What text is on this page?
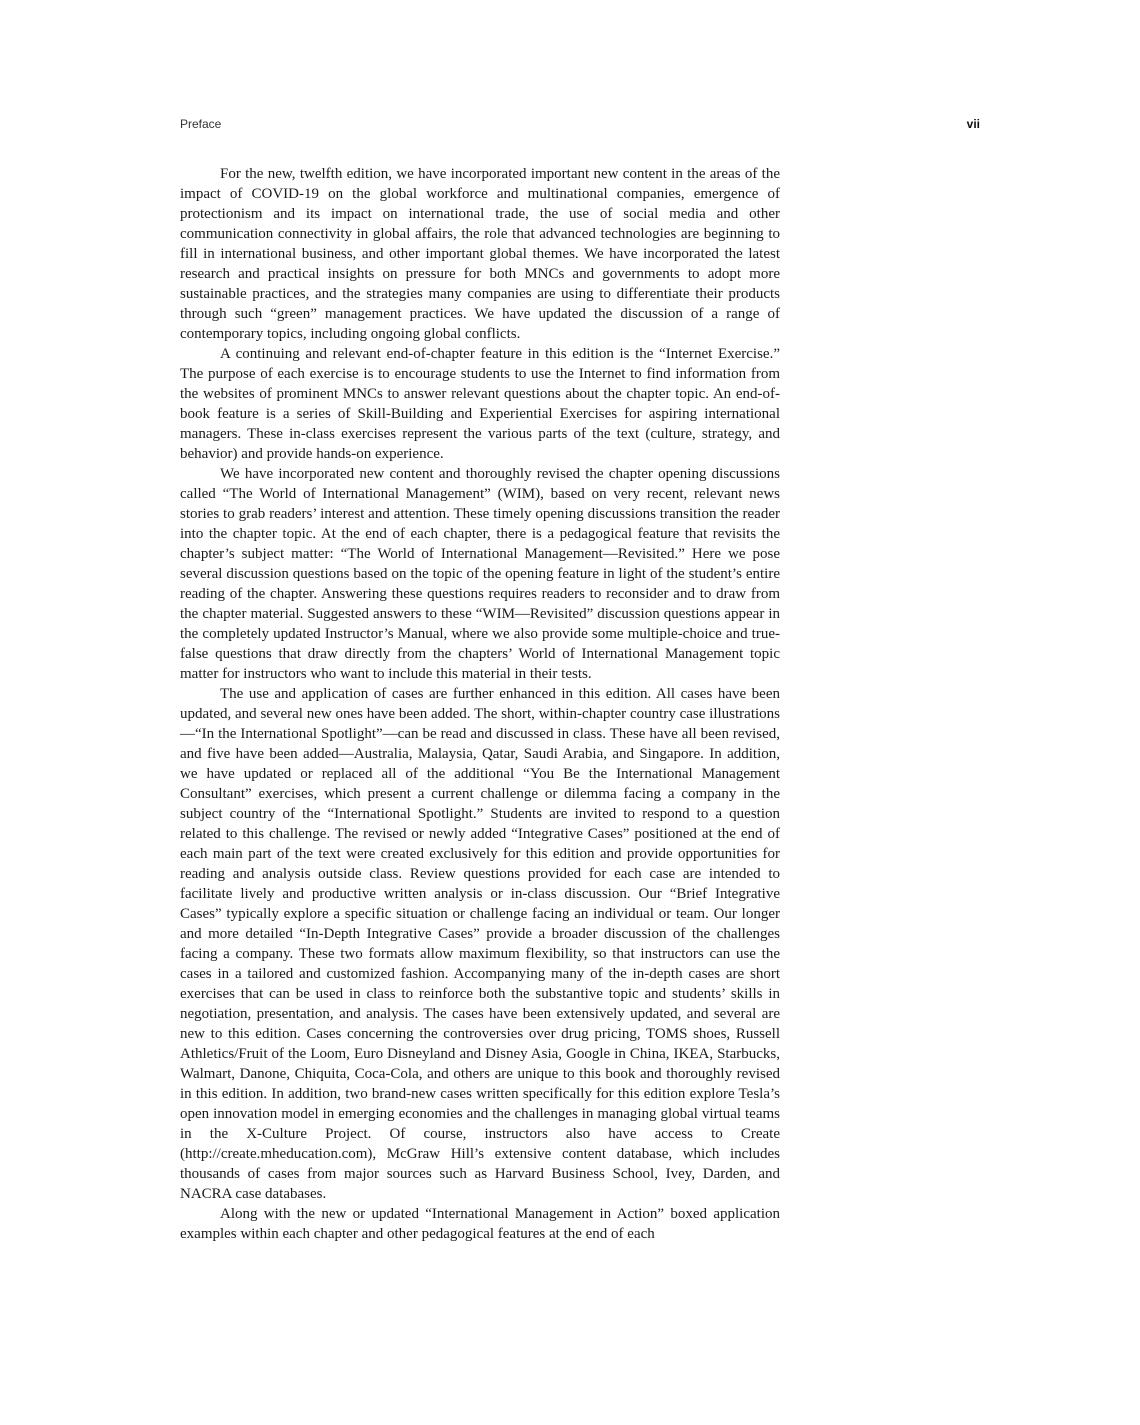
Preface	vii

For the new, twelfth edition, we have incorporated important new content in the areas of the impact of COVID-19 on the global workforce and multinational companies, emergence of protectionism and its impact on international trade, the use of social media and other communication connectivity in global affairs, the role that advanced technologies are beginning to fill in international business, and other important global themes. We have incorporated the latest research and practical insights on pressure for both MNCs and governments to adopt more sustainable practices, and the strategies many companies are using to differentiate their products through such “green” management practices. We have updated the discussion of a range of contemporary topics, including ongoing global conflicts.

A continuing and relevant end-of-chapter feature in this edition is the “Internet Exercise.” The purpose of each exercise is to encourage students to use the Internet to find information from the websites of prominent MNCs to answer relevant questions about the chapter topic. An end-of-book feature is a series of Skill-Building and Experiential Exercises for aspiring international managers. These in-class exercises represent the various parts of the text (culture, strategy, and behavior) and provide hands-on experience.

We have incorporated new content and thoroughly revised the chapter opening discussions called “The World of International Management” (WIM), based on very recent, relevant news stories to grab readers’ interest and attention. These timely opening discussions transition the reader into the chapter topic. At the end of each chapter, there is a pedagogical feature that revisits the chapter’s subject matter: “The World of International Management—Revisited.” Here we pose several discussion questions based on the topic of the opening feature in light of the student’s entire reading of the chapter. Answering these questions requires readers to reconsider and to draw from the chapter material. Suggested answers to these “WIM—Revisited” discussion questions appear in the completely updated Instructor’s Manual, where we also provide some multiple-choice and true-false questions that draw directly from the chapters’ World of International Management topic matter for instructors who want to include this material in their tests.

The use and application of cases are further enhanced in this edition. All cases have been updated, and several new ones have been added. The short, within-chapter country case illustrations—“In the International Spotlight”—can be read and discussed in class. These have all been revised, and five have been added—Australia, Malaysia, Qatar, Saudi Arabia, and Singapore. In addition, we have updated or replaced all of the additional “You Be the International Management Consultant” exercises, which present a current challenge or dilemma facing a company in the subject country of the “International Spotlight.” Students are invited to respond to a question related to this challenge. The revised or newly added “Integrative Cases” positioned at the end of each main part of the text were created exclusively for this edition and provide opportunities for reading and analysis outside class. Review questions provided for each case are intended to facilitate lively and productive written analysis or in-class discussion. Our “Brief Integrative Cases” typically explore a specific situation or challenge facing an individual or team. Our longer and more detailed “In-Depth Integrative Cases” provide a broader discussion of the challenges facing a company. These two formats allow maximum flexibility, so that instructors can use the cases in a tailored and customized fashion. Accompanying many of the in-depth cases are short exercises that can be used in class to reinforce both the substantive topic and students’ skills in negotiation, presentation, and analysis. The cases have been extensively updated, and several are new to this edition. Cases concerning the controversies over drug pricing, TOMS shoes, Russell Athletics/Fruit of the Loom, Euro Disneyland and Disney Asia, Google in China, IKEA, Starbucks, Walmart, Danone, Chiquita, Coca-Cola, and others are unique to this book and thoroughly revised in this edition. In addition, two brand-new cases written specifically for this edition explore Tesla’s open innovation model in emerging economies and the challenges in managing global virtual teams in the X-Culture Project. Of course, instructors also have access to Create (http://create.mheducation.com), McGraw Hill’s extensive content database, which includes thousands of cases from major sources such as Harvard Business School, Ivey, Darden, and NACRA case databases.

Along with the new or updated “International Management in Action” boxed application examples within each chapter and other pedagogical features at the end of each
